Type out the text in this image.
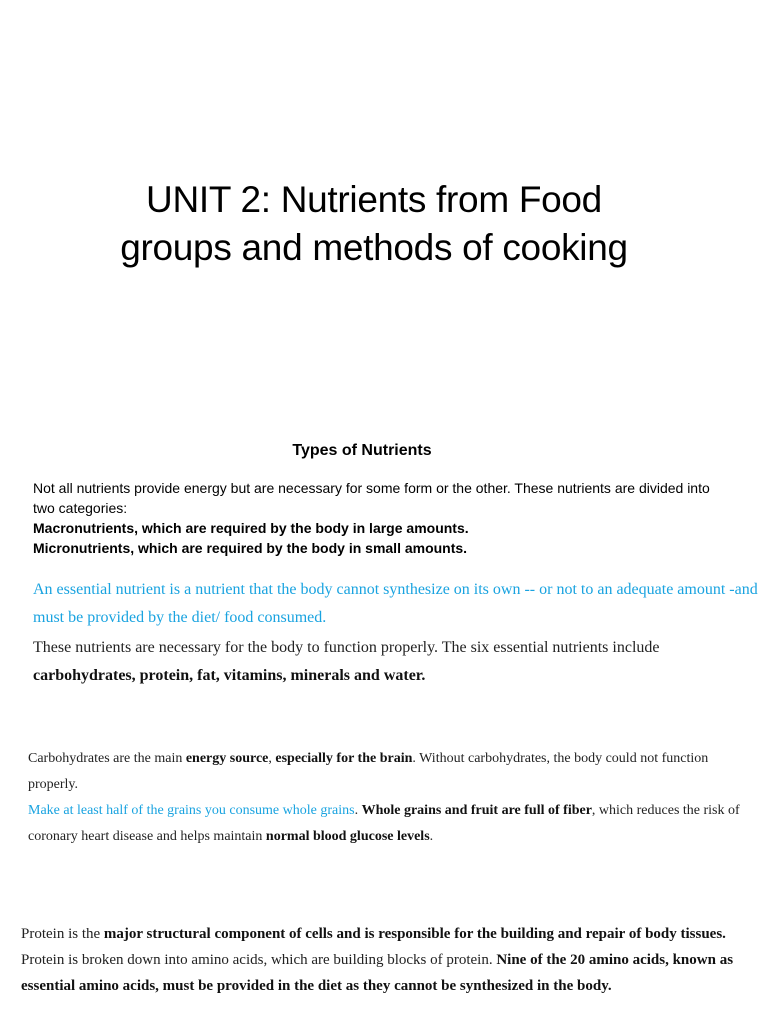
UNIT 2: Nutrients from Food
groups and methods of cooking
Types of Nutrients
Not all nutrients provide energy but are necessary for some form or the other. These nutrients are divided into
two categories:
Macronutrients, which are required by the body in large amounts.
Micronutrients, which are required by the body in small amounts.
An essential nutrient is a nutrient that the body cannot synthesize on its own -- or not to an adequate amount -and must be provided by the diet/ food consumed.
These nutrients are necessary for the body to function properly. The six essential nutrients include carbohydrates, protein, fat, vitamins, minerals and water.
Carbohydrates are the main energy source, especially for the brain. Without carbohydrates, the body could not function properly.
Make at least half of the grains you consume whole grains. Whole grains and fruit are full of fiber, which reduces the risk of coronary heart disease and helps maintain normal blood glucose levels.
Protein is the major structural component of cells and is responsible for the building and repair of body tissues. Protein is broken down into amino acids, which are building blocks of protein. Nine of the 20 amino acids, known as essential amino acids, must be provided in the diet as they cannot be synthesized in the body.
